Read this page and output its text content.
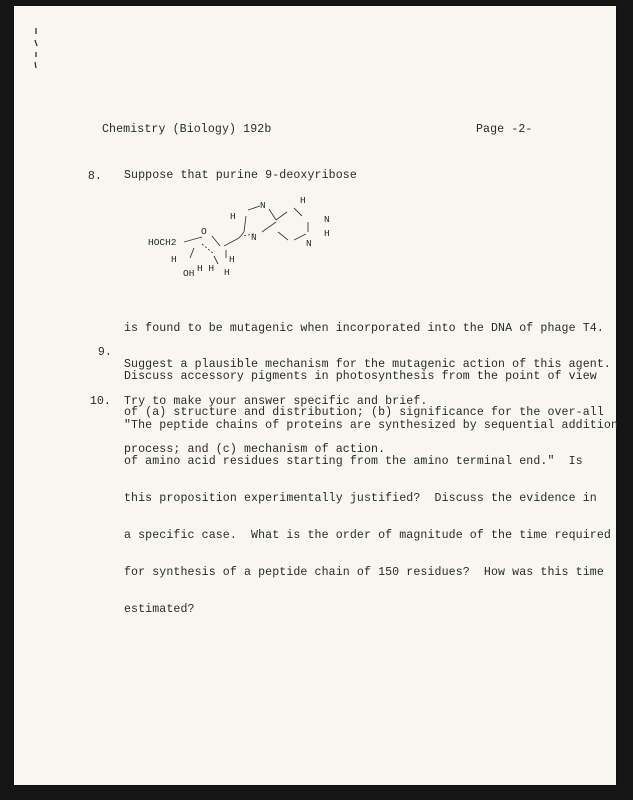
Chemistry (Biology) 192b	Page -2-
8. Suppose that purine 9-deoxyribose
HOCH2
O
H
OH H H
H
H
H
N
N
N
H
N
H

is found to be mutagenic when incorporated into the DNA of phage T4.

Suggest a plausible mechanism for the mutagenic action of this agent.

Try to make your answer specific and brief.

9.

Discuss accessory pigments in photosynthesis from the point of view

of (a) structure and distribution; (b) significance for the over-all

process; and (c) mechanism of action.

10.

"The peptide chains of proteins are synthesized by sequential addition

of amino acid residues starting from the amino terminal end."  Is

this proposition experimentally justified?  Discuss the evidence in

a specific case.  What is the order of magnitude of the time required

for synthesis of a peptide chain of 150 residues?  How was this time

estimated?
